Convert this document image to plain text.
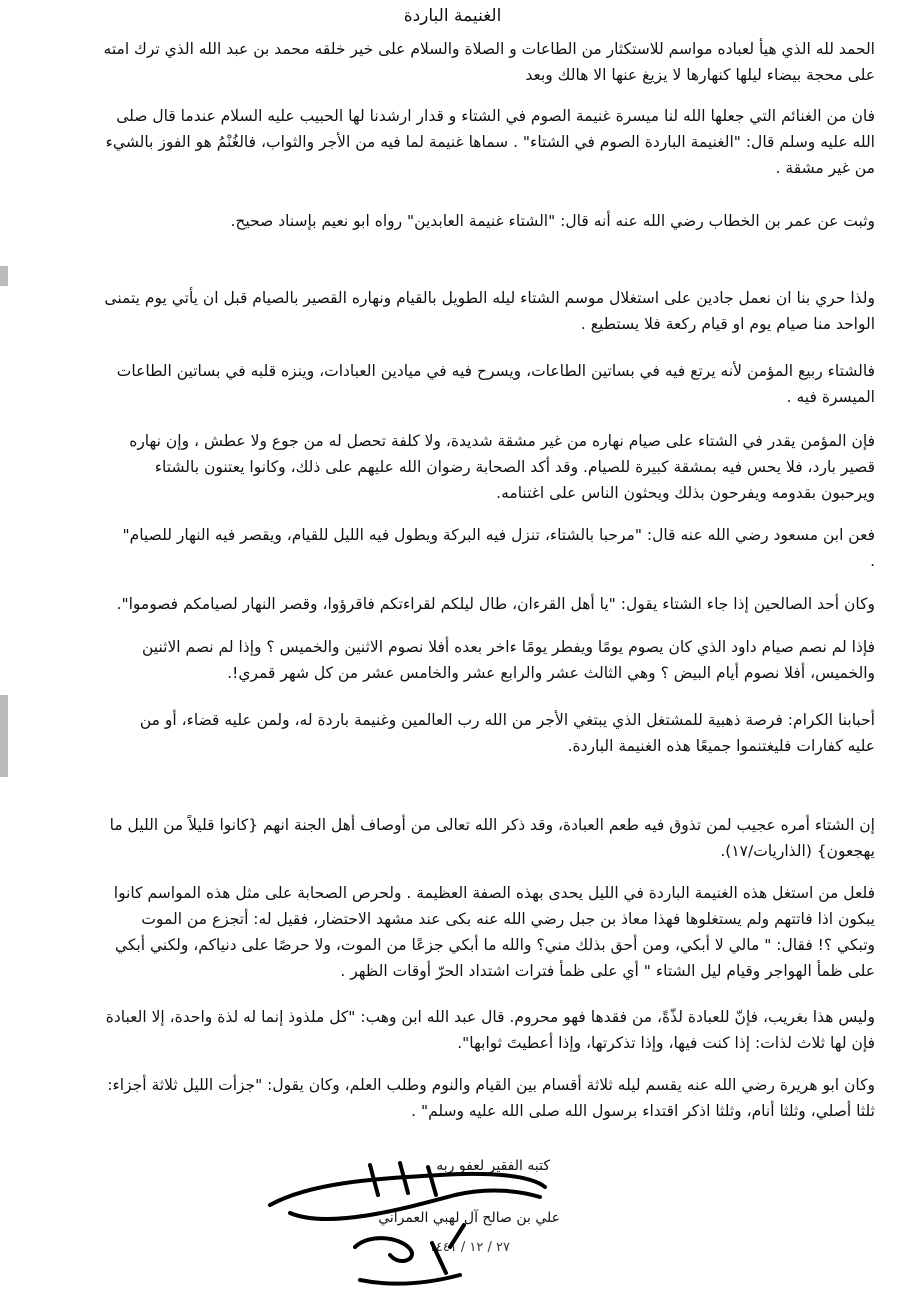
الغنيمة الباردة
الحمد لله الذي هيأ لعباده مواسم للاستكثار من الطاعات و الصلاة والسلام على خير خلقه محمد بن عبد الله الذي ترك امته
على محجة بيضاء ليلها كنهارها لا يزيغ عنها الا هالك وبعد
فان من الغنائم التي جعلها الله لنا ميسرة غنيمة الصوم في الشتاء و قدار ارشدنا لها الحبيب عليه السلام عندما قال صلى
الله عليه وسلم قال: "الغنيمة الباردة الصوم في الشتاء" . سماها غنيمة لما فيه من الأجر والثواب، فالغُنْمُ هو الفوز بالشيء
من غير مشقة .
وثبت عن عمر بن الخطاب رضي الله عنه أنه قال: "الشتاء غنيمة العابدين" رواه ابو نعيم بإسناد صحيح.
ولذا حري بنا ان نعمل جادين على استغلال موسم الشتاء ليله الطويل بالقيام ونهاره القصير بالصيام قبل ان يأتي يوم يتمنى
الواحد منا صيام يوم او قيام ركعة فلا يستطيع .
فالشتاء ربيع المؤمن لأنه يرتع فيه في بساتين الطاعات، ويسرح فيه في ميادين العبادات، وينزه قلبه في بساتين الطاعات
الميسرة فيه .
فإن المؤمن يقدر في الشتاء على صيام نهاره من غير مشقة شديدة، ولا كلفة تحصل له من جوع ولا عطش ، وإن نهاره
قصير بارد، فلا يحس فيه بمشقة كبيرة للصيام. وقد أكد الصحابة رضوان الله عليهم على ذلك، وكانوا يعتنون بالشتاء
ويرحبون بقدومه ويفرحون بذلك ويحثون الناس على اغتنامه.
فعن ابن مسعود رضي الله عنه قال: "مرحبا بالشتاء، تنزل فيه البركة ويطول فيه الليل للقيام، ويقصر فيه النهار للصيام"
.
وكان أحد الصالحين إذا جاء الشتاء يقول: "يا أهل القرءان، طال ليلكم لقراءتكم فاقرؤوا، وقصر النهار لصيامكم فصوموا".
فإذا لم نصم صيام داود الذي كان يصوم يومًا ويفطر يومًا ءاخر بعده أفلا نصوم الاثنين والخميس ؟ وإذا لم نصم الاثنين
والخميس، أفلا نصوم أيام البيض ؟ وهي الثالث عشر والرابع عشر والخامس عشر من كل شهر قمري!.
أحبابنا الكرام: فرصة ذهبية للمشتغل الذي يبتغي الأجر من الله رب العالمين وغنيمة باردة له، ولمن عليه قضاء، أو من
عليه كفارات فليغتنموا جميعًا هذه الغنيمة الباردة.
إن الشتاء أمره عجيب لمن تذوق فيه طعم العبادة، وقد ذكر الله تعالى من أوصاف أهل الجنة انهم {كانوا قليلاً من الليل ما
يهجعون} (الذاريات/١٧).
فلعل من استغل هذه الغنيمة الباردة في الليل يحدى بهذه الصفة العظيمة . ولحرص الصحابة على مثل هذه المواسم كانوا
يبكون اذا فاتتهم ولم يستغلوها فهذا معاذ بن جبل رضي الله عنه بكى عند مشهد الاحتضار، فقيل له: أتجزع من الموت
وتبكي ؟! فقال: " مالي لا أبكي، ومن أحق بذلك مني؟ والله ما أبكي جزعًا من الموت، ولا حرصًا على دنياكم، ولكني أبكي
على ظمأ الهواجر وقيام ليل الشتاء " أي على ظمأ فترات اشتداد الحرّ أوقات الظهر .
وليس هذا بغريب، فإنّ للعبادة لذّةً، من فقدها فهو محروم. قال عبد الله ابن وهب: "كل ملذوذ إنما له لذة واحدة، إلا العبادة
فإن لها ثلاث لذات: إذا كنت فيها، وإذا تذكرتها، وإذا أعطيتَ ثوابها".
وكان ابو هريرة رضي الله عنه يقسم ليله ثلاثة أقسام بين القيام والنوم وطلب العلم، وكان يقول: "جزأت الليل ثلاثة أجزاء:
ثلثا أصلي، وثلثا أنام، وثلثا اذكر اقتداء برسول الله صلى الله عليه وسلم" .
كتبه الفقير لعفو ربه
علي بن صالح آل لهبي العمراني
٢٧ / ١٢ / ١٤٤١
